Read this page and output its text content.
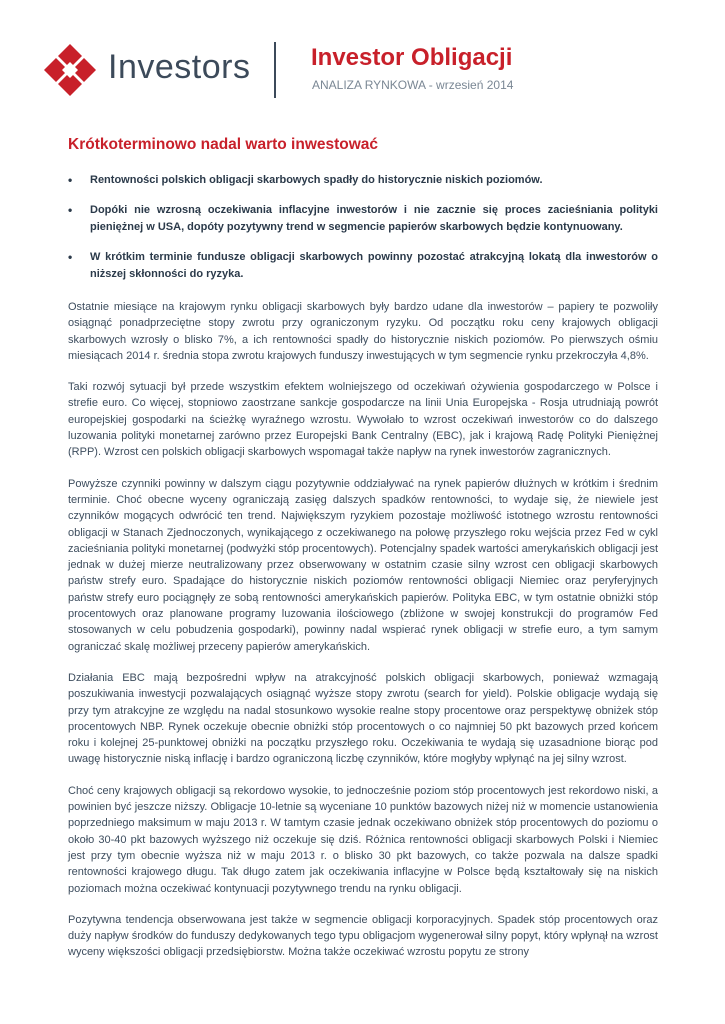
Investors	Investor Obligacji
ANALIZA RYNKOWA - wrzesień 2014
Krótkoterminowo nadal warto inwestować
• Rentowności polskich obligacji skarbowych spadły do historycznie niskich poziomów.
• Dopóki nie wzrosną oczekiwania inflacyjne inwestorów i nie zacznie się proces zacieśniania polityki pieniężnej w USA, dopóty pozytywny trend w segmencie papierów skarbowych będzie kontynuowany.
• W krótkim terminie fundusze obligacji skarbowych powinny pozostać atrakcyjną lokatą dla inwestorów o niższej skłonności do ryzyka.

Ostatnie miesiące na krajowym rynku obligacji skarbowych były bardzo udane dla inwestorów – papiery te pozwoliły osiągnąć ponadprzeciętne stopy zwrotu przy ograniczonym ryzyku. Od początku roku ceny krajowych obligacji skarbowych wzrosły o blisko 7%, a ich rentowności spadły do historycznie niskich poziomów. Po pierwszych ośmiu miesiącach 2014 r. średnia stopa zwrotu krajowych funduszy inwestujących w tym segmencie rynku przekroczyła 4,8%.

Taki rozwój sytuacji był przede wszystkim efektem wolniejszego od oczekiwań ożywienia gospodarczego w Polsce i strefie euro. Co więcej, stopniowo zaostrzane sankcje gospodarcze na linii Unia Europejska - Rosja utrudniają powrót europejskiej gospodarki na ścieżkę wyraźnego wzrostu. Wywołało to wzrost oczekiwań inwestorów co do dalszego luzowania polityki monetarnej zarówno przez Europejski Bank Centralny (EBC), jak i krajową Radę Polityki Pieniężnej (RPP). Wzrost cen polskich obligacji skarbowych wspomagał także napływ na rynek inwestorów zagranicznych.

Powyższe czynniki powinny w dalszym ciągu pozytywnie oddziaływać na rynek papierów dłużnych w krótkim i średnim terminie. Choć obecne wyceny ograniczają zasięg dalszych spadków rentowności, to wydaje się, że niewiele jest czynników mogących odwrócić ten trend. Największym ryzykiem pozostaje możliwość istotnego wzrostu rentowności obligacji w Stanach Zjednoczonych, wynikającego z oczekiwanego na połowę przyszłego roku wejścia przez Fed w cykl zacieśniania polityki monetarnej (podwyżki stóp procentowych). Potencjalny spadek wartości amerykańskich obligacji jest jednak w dużej mierze neutralizowany przez obserwowany w ostatnim czasie silny wzrost cen obligacji skarbowych państw strefy euro. Spadające do historycznie niskich poziomów rentowności obligacji Niemiec oraz peryferyjnych państw strefy euro pociągnęły ze sobą rentowności amerykańskich papierów. Polityka EBC, w tym ostatnie obniżki stóp procentowych oraz planowane programy luzowania ilościowego (zbliżone w swojej konstrukcji do programów Fed stosowanych w celu pobudzenia gospodarki), powinny nadal wspierać rynek obligacji w strefie euro, a tym samym ograniczać skalę możliwej przeceny papierów amerykańskich.

Działania EBC mają bezpośredni wpływ na atrakcyjność polskich obligacji skarbowych, ponieważ wzmagają poszukiwania inwestycji pozwalających osiągnąć wyższe stopy zwrotu (search for yield). Polskie obligacje wydają się przy tym atrakcyjne ze względu na nadal stosunkowo wysokie realne stopy procentowe oraz perspektywę obniżek stóp procentowych NBP. Rynek oczekuje obecnie obniżki stóp procentowych o co najmniej 50 pkt bazowych przed końcem roku i kolejnej 25-punktowej obniżki na początku przyszłego roku. Oczekiwania te wydają się uzasadnione biorąc pod uwagę historycznie niską inflację i bardzo ograniczoną liczbę czynników, które mogłyby wpłynąć na jej silny wzrost.

Choć ceny krajowych obligacji są rekordowo wysokie, to jednocześnie poziom stóp procentowych jest rekordowo niski, a powinien być jeszcze niższy. Obligacje 10-letnie są wyceniane 10 punktów bazowych niżej niż w momencie ustanowienia poprzedniego maksimum w maju 2013 r. W tamtym czasie jednak oczekiwano obniżek stóp procentowych do poziomu o około 30-40 pkt bazowych wyższego niż oczekuje się dziś. Różnica rentowności obligacji skarbowych Polski i Niemiec jest przy tym obecnie wyższa niż w maju 2013 r. o blisko 30 pkt bazowych, co także pozwala na dalsze spadki rentowności krajowego długu. Tak długo zatem jak oczekiwania inflacyjne w Polsce będą kształtowały się na niskich poziomach można oczekiwać kontynuacji pozytywnego trendu na rynku obligacji.

Pozytywna tendencja obserwowana jest także w segmencie obligacji korporacyjnych. Spadek stóp procentowych oraz duży napływ środków do funduszy dedykowanych tego typu obligacjom wygenerował silny popyt, który wpłynął na wzrost wyceny większości obligacji przedsiębiorstw. Można także oczekiwać wzrostu popytu ze strony
